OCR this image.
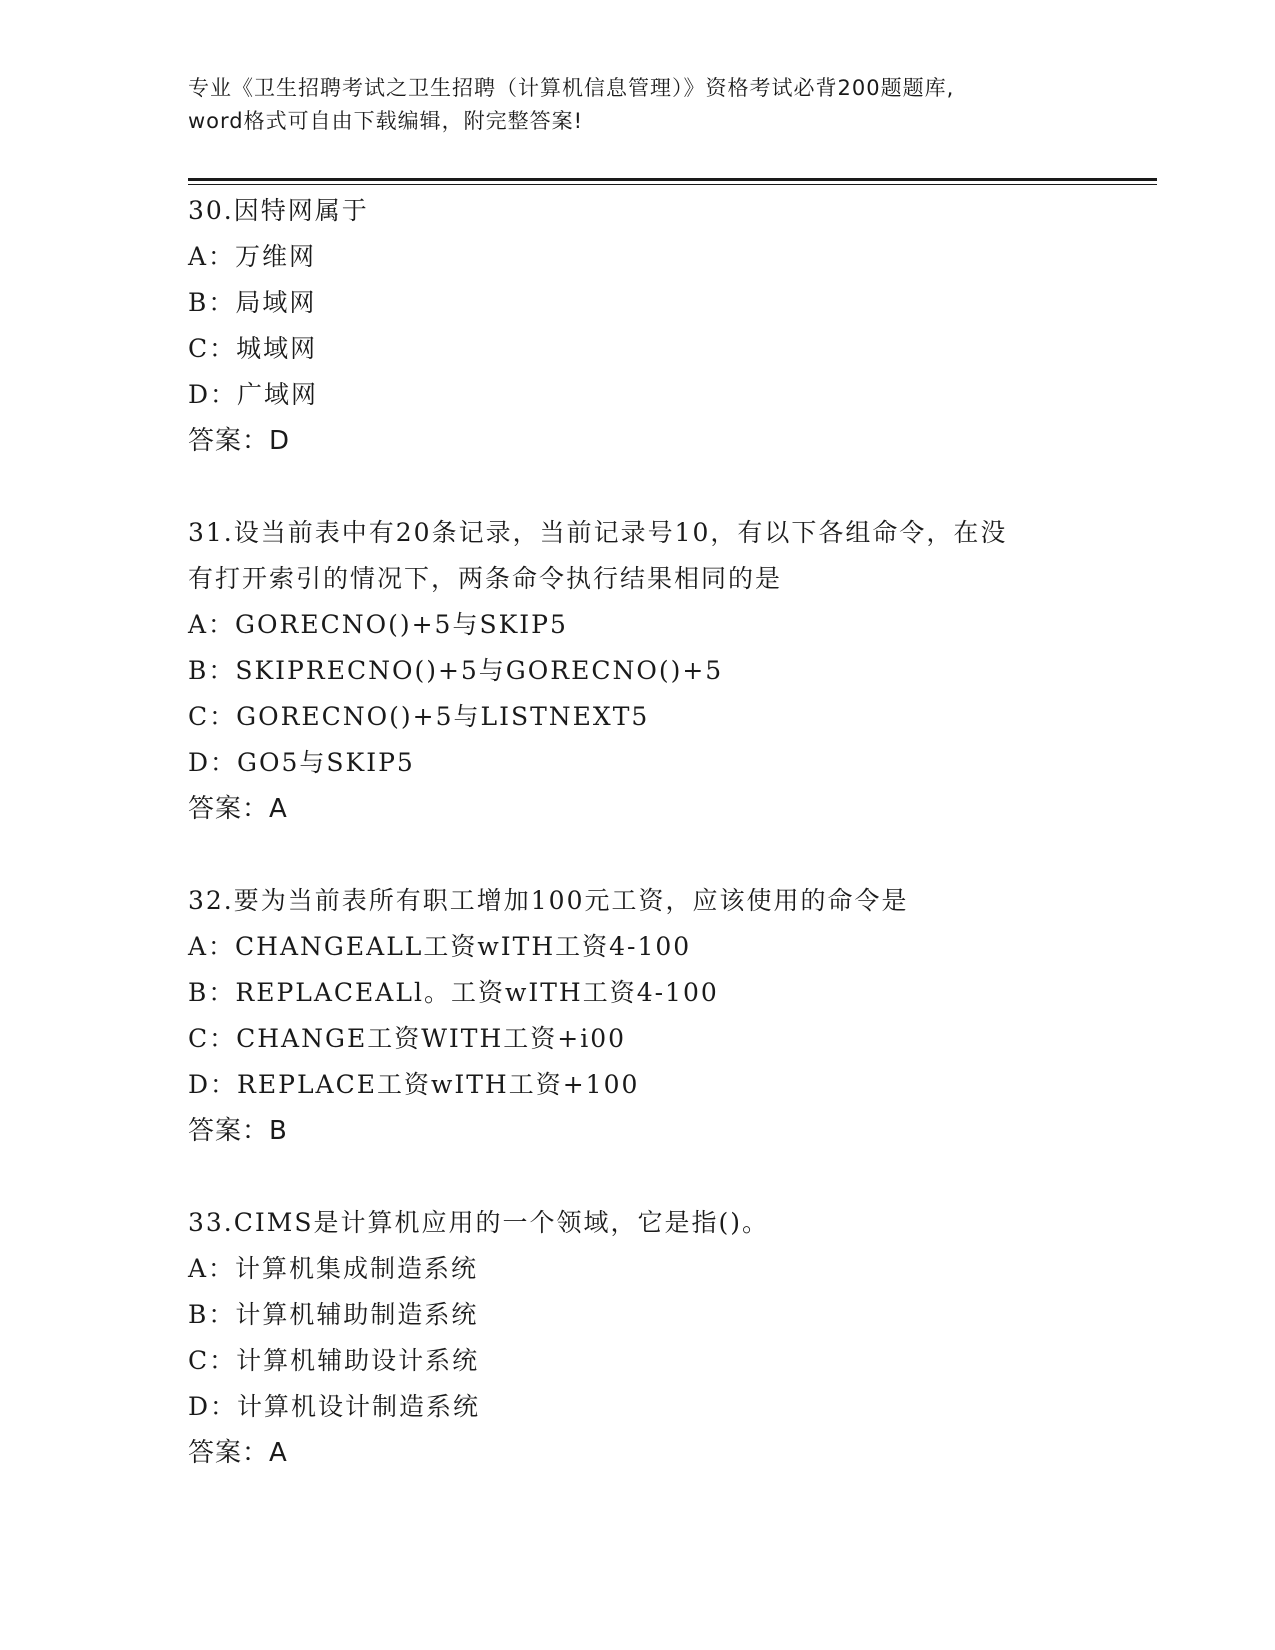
专业《卫生招聘考试之卫生招聘（计算机信息管理）》资格考试必背200题题库,
word格式可自由下载编辑，附完整答案!
30.因特网属于
A：万维网
B：局域网
C：城域网
D：广域网
答案：D
31.设当前表中有20条记录，当前记录号10，有以下各组命令，在没
有打开索引的情况下，两条命令执行结果相同的是
A：GORECNO()+5与SKIP5
B：SKIPRECNO()+5与GORECNO()+5
C：GORECNO()+5与LISTNEXT5
D：GO5与SKIP5
答案：A
32.要为当前表所有职工增加100元工资，应该使用的命令是
A：CHANGEALL工资wITH工资4-100
B：REPLACEALl。工资wITH工资4-100
C：CHANGE工资WITH工资+i00
D：REPLACE工资wITH工资+100
答案：B
33.CIMS是计算机应用的一个领域，它是指()。
A：计算机集成制造系统
B：计算机辅助制造系统
C：计算机辅助设计系统
D：计算机设计制造系统
答案：A
